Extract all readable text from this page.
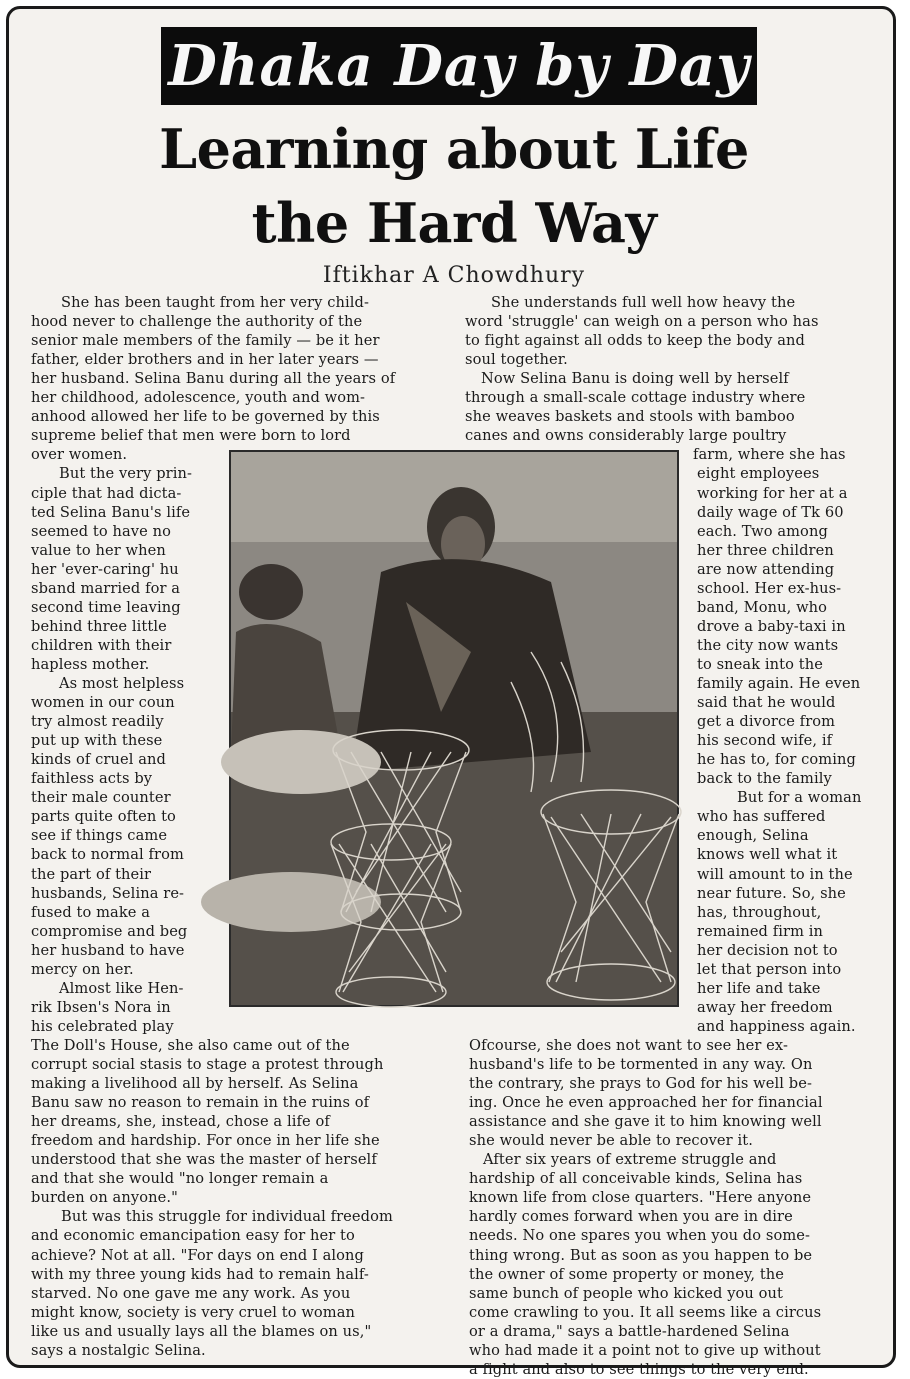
Dhaka Day by Day
Learning about Life
the Hard Way
Iftikhar A Chowdhury

She has been taught from her very child-

hood never to challenge the authority of the

senior male members of the family — be it her

father, elder brothers and in her later years —

her husband. Selina Banu during all the years of

her childhood, adolescence, youth and wom-

anhood allowed her life to be governed by this

supreme belief that men were born to lord

over women.

But the very prin-

ciple that had dicta-

ted Selina Banu's life

seemed to have no

value to her when

her 'ever-caring' hu

sband married for a

second time leaving

behind three little

children with their

hapless mother.

As most helpless

women in our coun

try almost readily

put up with these

kinds of cruel and

faithless acts by

their male counter

parts quite often to

see if things came

back to normal from

the part of their

husbands, Selina re-

fused to make a

compromise and beg

her husband to have

mercy on her.

Almost like Hen-

rik Ibsen's Nora in

his celebrated play

The Doll's House, she also came out of the

corrupt social stasis to stage a protest through

making a livelihood all by herself. As Selina

Banu saw no reason to remain in the ruins of

her dreams, she, instead, chose a life of

freedom and hardship. For once in her life she

understood that she was the master of herself

and that she would "no longer remain a

burden on anyone."

But was this struggle for individual freedom

and economic emancipation easy for her to

achieve? Not at all. "For days on end I along

with my three young kids had to remain half-

starved. No one gave me any work. As you

might know, society is very cruel to woman

like us and usually lays all the blames on us,"

says a nostalgic Selina.

She understands full well how heavy the

word 'struggle' can weigh on a person who has

to fight against all odds to keep the body and

soul together.

Now Selina Banu is doing well by herself

through a small-scale cottage industry where

she weaves baskets and stools with bamboo

canes and owns considerably large poultry

farm, where she has

eight employees

working for her at a

daily wage of Tk 60

each. Two among

her three children

are now attending

school. Her ex-hus-

band, Monu, who

drove a baby-taxi in

the city now wants

to sneak into the

family again. He even

said that he would

get a divorce from

his second wife, if

he has to, for coming

back to the family

But for a woman

who has suffered

enough, Selina

knows well what it

will amount to in the

near future. So, she

has, throughout,

remained firm in

her decision not to

let that person into

her life and take

away her freedom

and happiness again.

Ofcourse, she does not want to see her ex-

husband's life to be tormented in any way. On

the contrary, she prays to God for his well be-

ing. Once he even approached her for financial

assistance and she gave it to him knowing well

she would never be able to recover it.

After six years of extreme struggle and

hardship of all conceivable kinds, Selina has

known life from close quarters. "Here anyone

hardly comes forward when you are in dire

needs. No one spares you when you do some-

thing wrong. But as soon as you happen to be

the owner of some property or money, the

same bunch of people who kicked you out

come crawling to you. It all seems like a circus

or a drama," says a battle-hardened Selina

who had made it a point not to give up without

a fight and also to see things to the very end.
